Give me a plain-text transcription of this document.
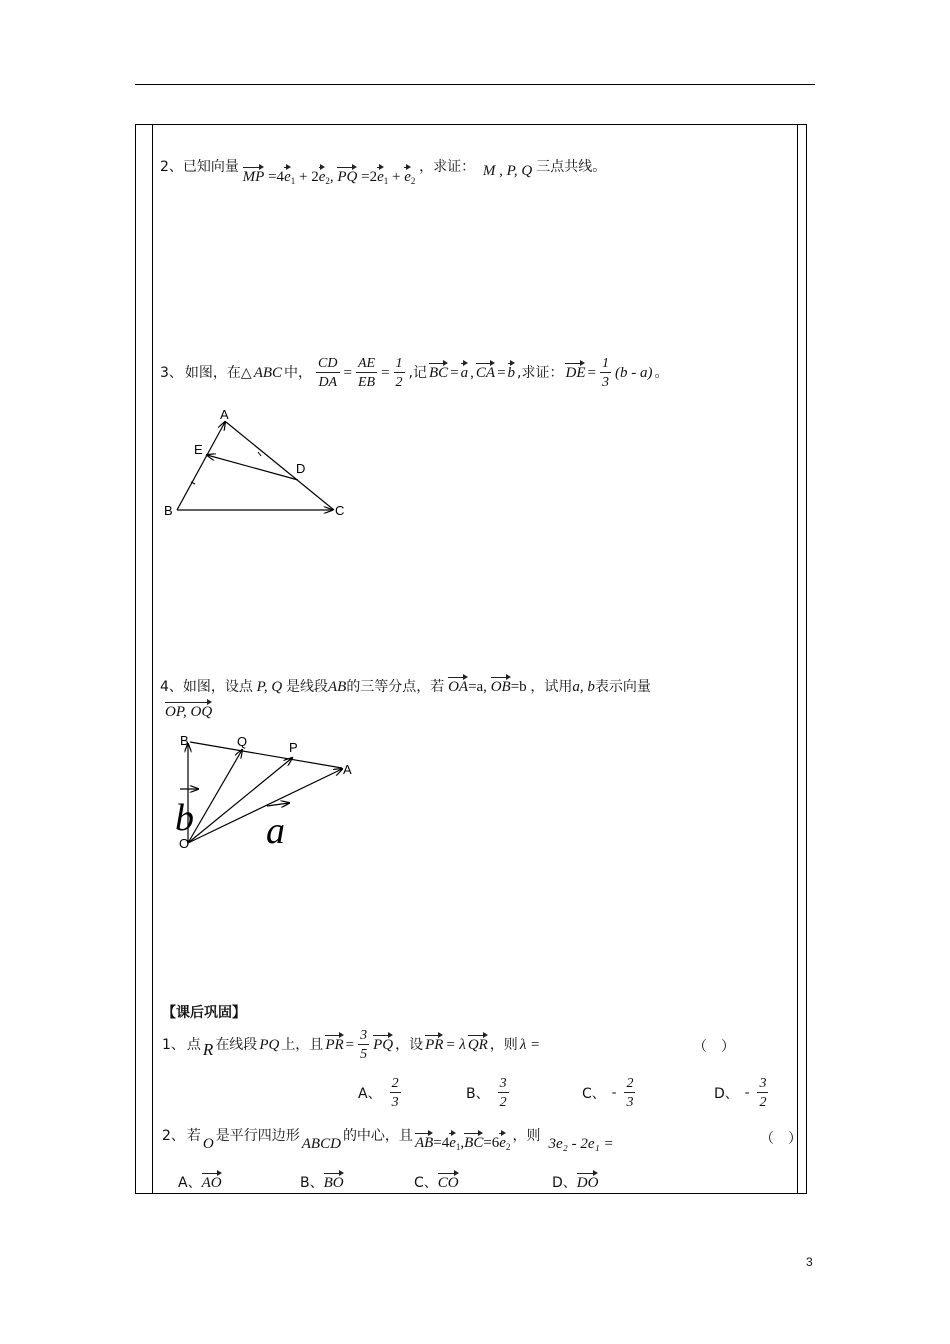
2、已知向量 MP $=4e_1 + 2e_2$, PQ $=2e_1 + e_2$ ，求证： M , P, Q 三点共线。
3、 如图，在△ ABC 中， $\frac{CD}{DA} = \frac{AE}{EB} = \frac{1}{2}$ ,记 BC = a , CA = b ,求证： DE = $\frac{1}{3} (b - a)$ 。
A
E
D
B	C
4、如图，设点 P, Q 是线段AB的三等分点，若 OA=a, OB=b ，试用a, b表示向量
OP, OQ
B	Q	P
A
O
b a
【课后巩固】
1、 点 R 在线段 PQ 上，且 PR = $\frac{3}{5}$ PQ ，设 PR = λ QR ，则 λ =	（　）
A、 $\frac{2}{3}$	B、 $\frac{3}{2}$	C、 - $\frac{2}{3}$	D、 - $\frac{3}{2}$
2、 若 O 是平行四边形 ABCD 的中心，且 $AB=4e_1,BC=6e_2$
，则 3e₂ - 2e₁ =	（　）
A、AO	B、BO	C、CO	D、DO
3
